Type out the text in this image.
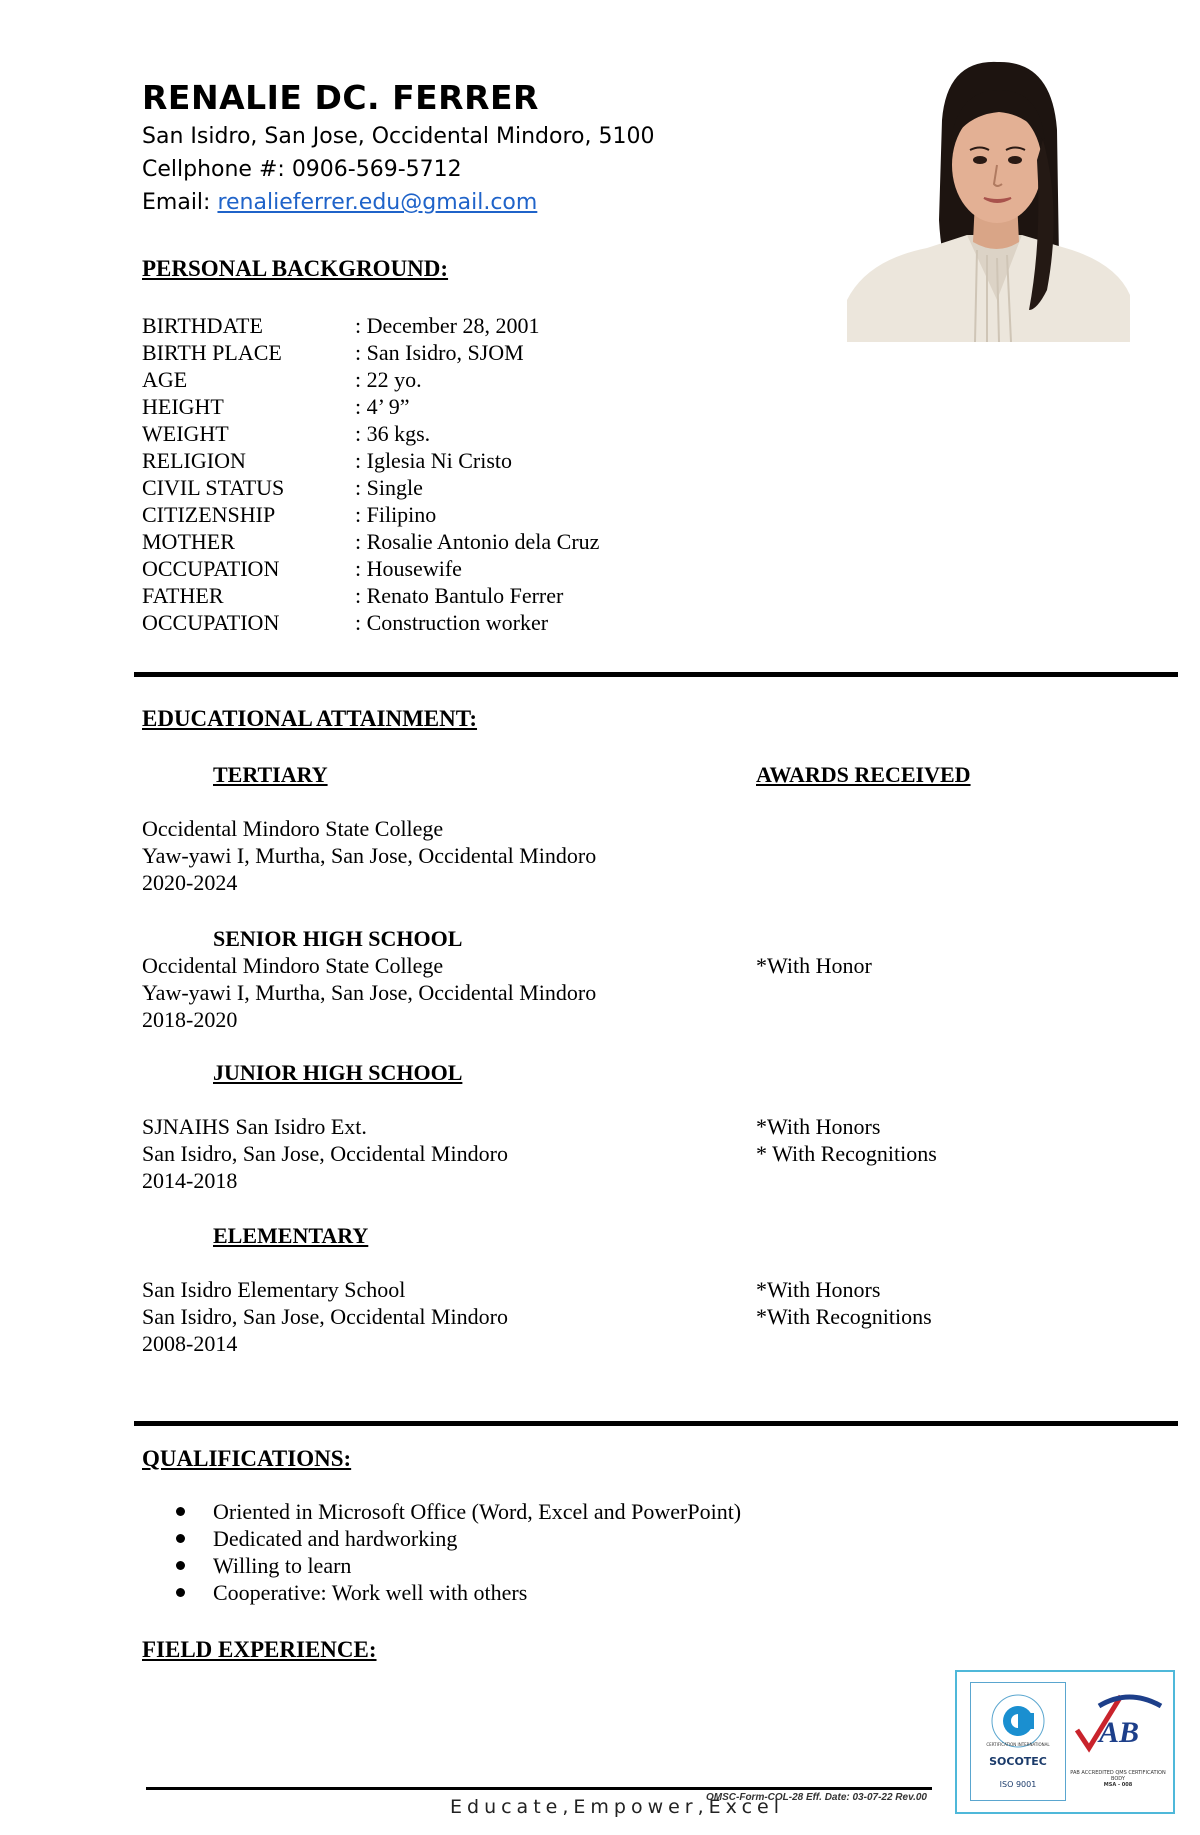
RENALIE DC. FERRER
San Isidro, San Jose, Occidental Mindoro, 5100
Cellphone #: 0906-569-5712
Email: renalieferrer.edu@gmail.com
PERSONAL BACKGROUND:
BIRTHDATE	: December 28, 2001
BIRTH PLACE	: San Isidro, SJOM
AGE	: 22 yo.
HEIGHT	: 4’ 9”
WEIGHT	: 36 kgs.
RELIGION	: Iglesia Ni Cristo
CIVIL STATUS	: Single
CITIZENSHIP	: Filipino
MOTHER	: Rosalie Antonio dela Cruz
OCCUPATION	: Housewife
FATHER	: Renato Bantulo Ferrer
OCCUPATION	: Construction worker
EDUCATIONAL ATTAINMENT:
TERTIARY	AWARDS RECEIVED
Occidental Mindoro State College
Yaw-yawi I, Murtha, San Jose, Occidental Mindoro
2020-2024
SENIOR HIGH SCHOOL
Occidental Mindoro State College
Yaw-yawi I, Murtha, San Jose, Occidental Mindoro
2018-2020
*With Honor
JUNIOR HIGH SCHOOL
SJNAIHS San Isidro Ext.
San Isidro, San Jose, Occidental Mindoro
2014-2018
*With Honors
* With Recognitions
ELEMENTARY
San Isidro Elementary School
San Isidro, San Jose, Occidental Mindoro
2008-2014
*With Honors
*With Recognitions
QUALIFICATIONS:
Oriented in Microsoft Office (Word, Excel and PowerPoint)
Dedicated and hardworking
Willing to learn
Cooperative: Work well with others
FIELD EXPERIENCE:
CERTIFICATION INTERNATIONAL
SOCOTEC
ISO 9001
AB
PAB ACCREDITED QMS CERTIFICATION BODY
MSA - 008
Educate,Empower,Excel
OMSC-Form-COL-28 Eff. Date: 03-07-22 Rev.00
